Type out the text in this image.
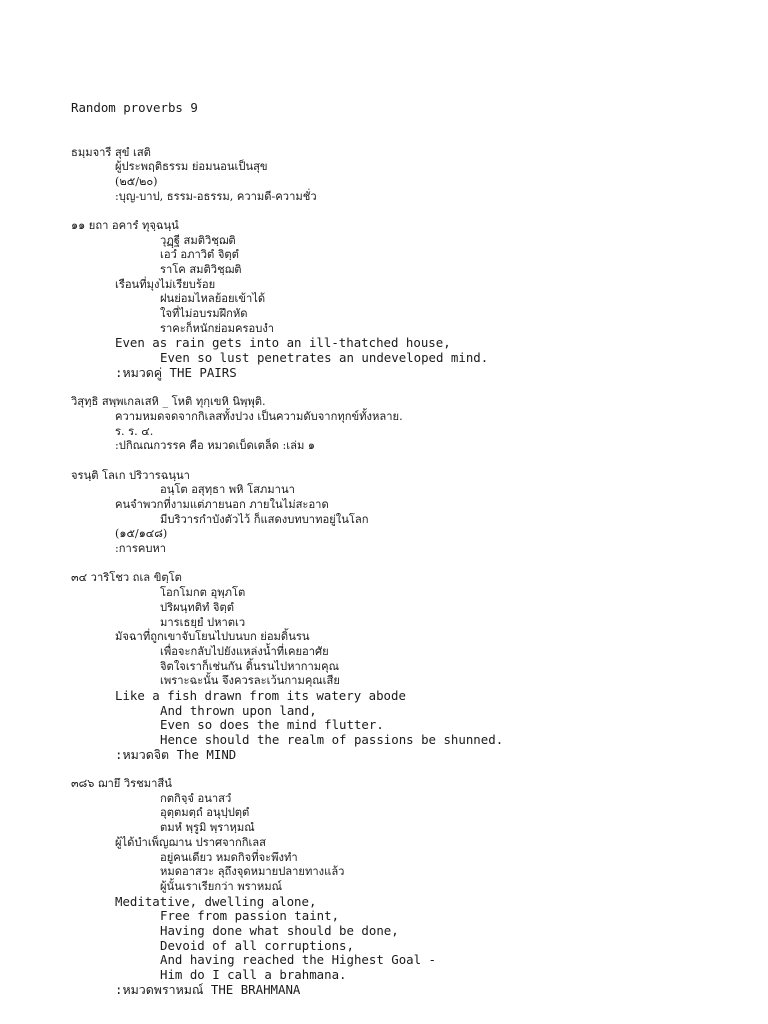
Random proverbs 9

ธมฺมจารี สุขํ เสติ
ผู้ประพฤติธรรม ย่อมนอนเป็นสุข
(๒๕/๒๐)
:บุญ-บาป, ธรรม-อธรรม, ความดี-ความชั่ว
๑๑ ยถา อคารํ ทุจฺฉนฺนํ
วุฏฺฐี สมติวิชฺฌติ
เอวํ อภาวิตํ จิตฺตํ
ราโค สมติวิชฺฌติ
เรือนที่มุงไม่เรียบร้อย
ฝนย่อมไหลย้อยเข้าได้
ใจที่ไม่อบรมฝึกหัด
ราคะก็หนักย่อมครอบงำ
Even as rain gets into an ill-thatched house,
Even so lust penetrates an undeveloped mind.
:หมวดคู่ THE PAIRS
วิสุทฺธิ สพฺพเกลเสหิ _ โหติ ทุกฺเขหิ นิพฺพุติ.
ความหมดจดจากกิเลสทั้งปวง เป็นความดับจากทุกข์ทั้งหลาย.
ร. ร. ๔.
:ปกิณณกวรรค คือ หมวดเบ็ดเตล็ด :เล่ม ๑
จรนฺติ โลเก ปริวารฉนฺนา
อนฺโต อสุทฺธา พหิ โสภมานา
คนจำพวกที่งามแต่ภายนอก ภายในไม่สะอาด
มีบริวารกำบังตัวไว้ ก็แสดงบทบาทอยู่ในโลก
(๑๕/๑๔๘)
:การคบหา
๓๔ วาริโชว ถเล ขิตฺโต
โอกโมกต อุพฺภโต
ปริผนฺทติทํ จิตฺตํ
มารเธยฺยํ ปหาตเว
มัจฉาที่ถูกเขาจับโยนไปบนบก ย่อมดิ้นรน
เพื่อจะกลับไปยังแหล่งน้ำที่เคยอาศัย
จิตใจเราก็เช่นกัน ดิ้นรนไปหากามคุณ
เพราะฉะนั้น จึงควรละเว้นกามคุณเสีย
Like a fish drawn from its watery abode
And thrown upon land,
Even so does the mind flutter.
Hence should the realm of passions be shunned.
:หมวดจิต The MIND
๓๘๖ ฌายึ วิรชมาสีนํ
กตกิจฺจํ อนาสวํ
อุตฺตมตฺถํ อนุปฺปตฺตํ
ตมหํ พฺรูมิ พฺราหฺมณํ
ผู้ได้บำเพ็ญฌาน ปราศจากกิเลส
อยู่คนเดียว หมดกิจที่จะพึงทำ
หมดอาสวะ ลุถึงจุดหมายปลายทางแล้ว
ผู้นั้นเราเรียกว่า พราหมณ์
Meditative, dwelling alone,
Free from passion taint,
Having done what should be done,
Devoid of all corruptions,
And having reached the Highest Goal -
Him do I call a brahmana.
:หมวดพราหมณ์ THE BRAHMANA
